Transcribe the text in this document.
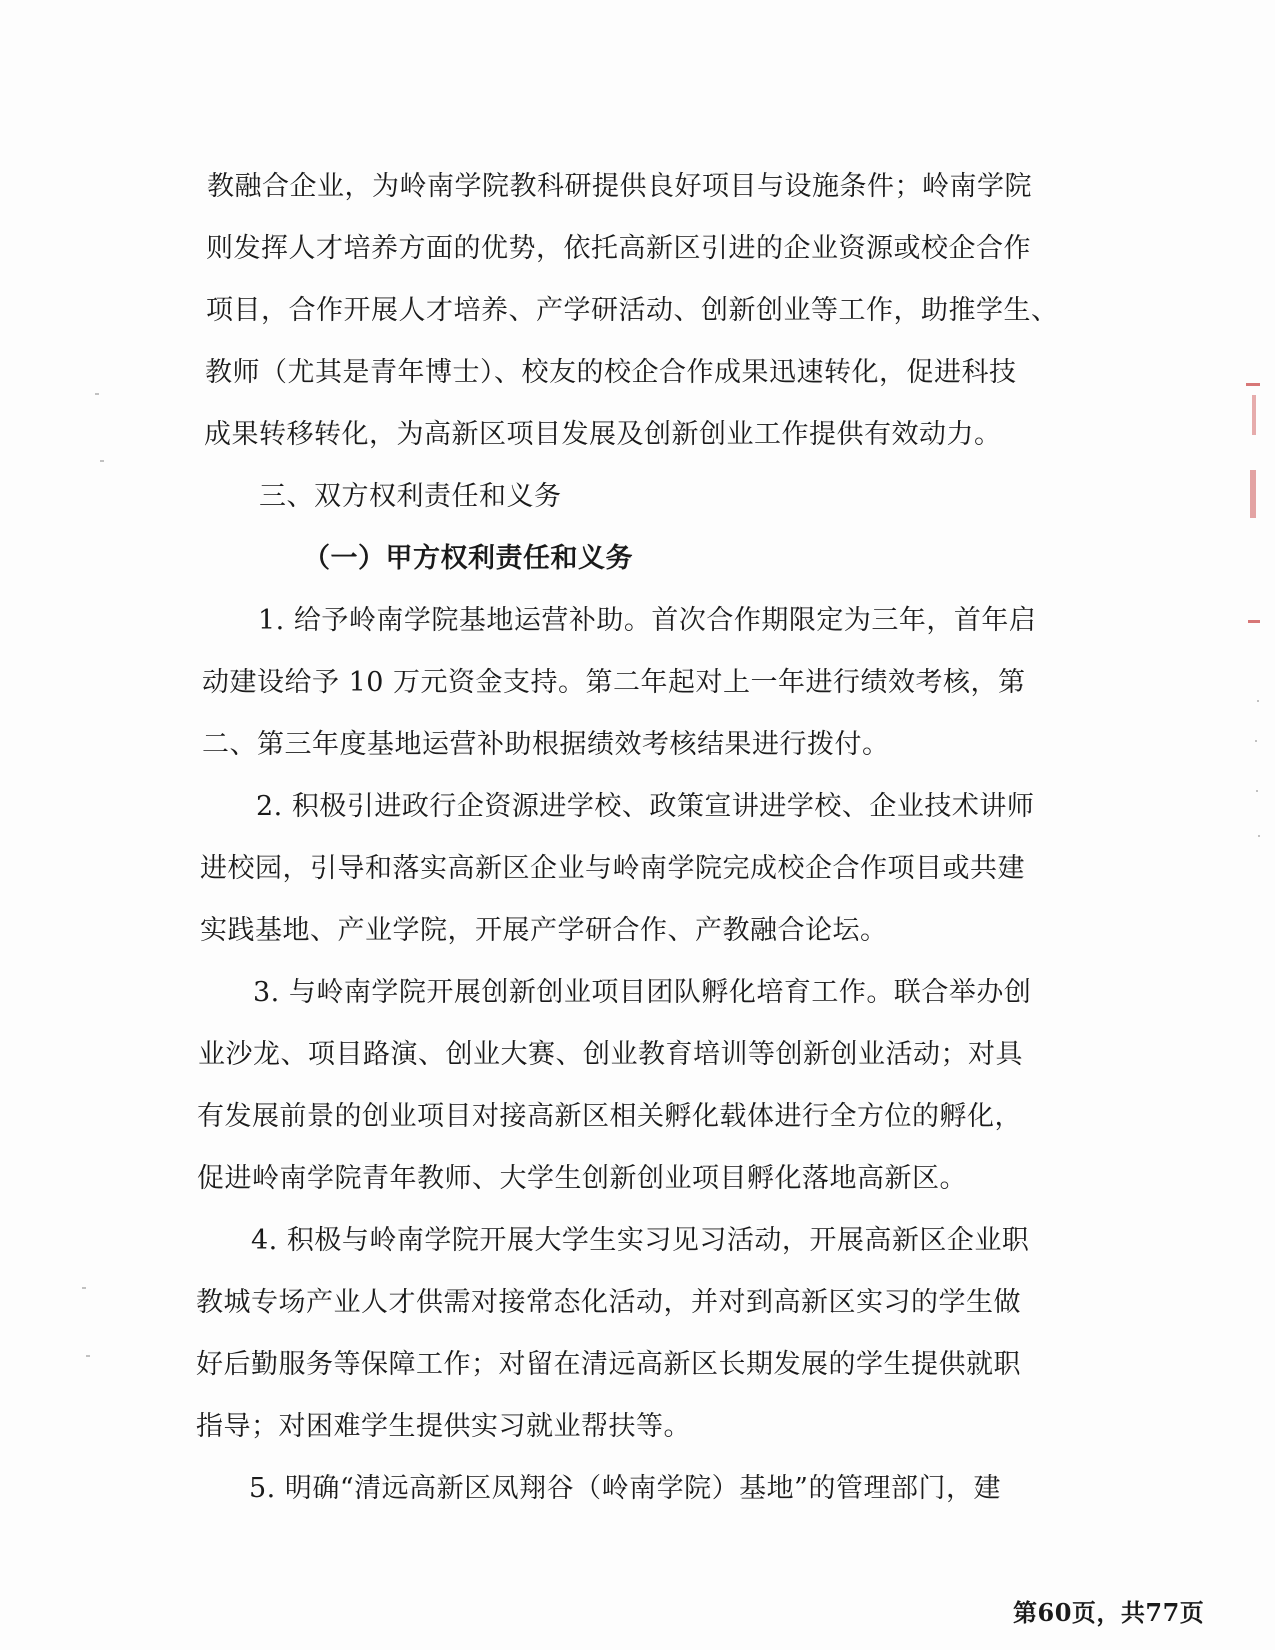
教融合企业，为岭南学院教科研提供良好项目与设施条件；岭南学院
则发挥人才培养方面的优势，依托高新区引进的企业资源或校企合作
项目，合作开展人才培养、产学研活动、创新创业等工作，助推学生、
教师（尤其是青年博士）、校友的校企合作成果迅速转化，促进科技
成果转移转化，为高新区项目发展及创新创业工作提供有效动力。
三、双方权利责任和义务
（一）甲方权利责任和义务
1. 给予岭南学院基地运营补助。首次合作期限定为三年，首年启
动建设给予 10 万元资金支持。第二年起对上一年进行绩效考核，第
二、第三年度基地运营补助根据绩效考核结果进行拨付。
2. 积极引进政行企资源进学校、政策宣讲进学校、企业技术讲师
进校园，引导和落实高新区企业与岭南学院完成校企合作项目或共建
实践基地、产业学院，开展产学研合作、产教融合论坛。
3. 与岭南学院开展创新创业项目团队孵化培育工作。联合举办创
业沙龙、项目路演、创业大赛、创业教育培训等创新创业活动；对具
有发展前景的创业项目对接高新区相关孵化载体进行全方位的孵化，
促进岭南学院青年教师、大学生创新创业项目孵化落地高新区。
4. 积极与岭南学院开展大学生实习见习活动，开展高新区企业职
教城专场产业人才供需对接常态化活动，并对到高新区实习的学生做
好后勤服务等保障工作；对留在清远高新区长期发展的学生提供就职
指导；对困难学生提供实习就业帮扶等。
5. 明确“清远高新区凤翔谷（岭南学院）基地”的管理部门，建
第60页，共77页
